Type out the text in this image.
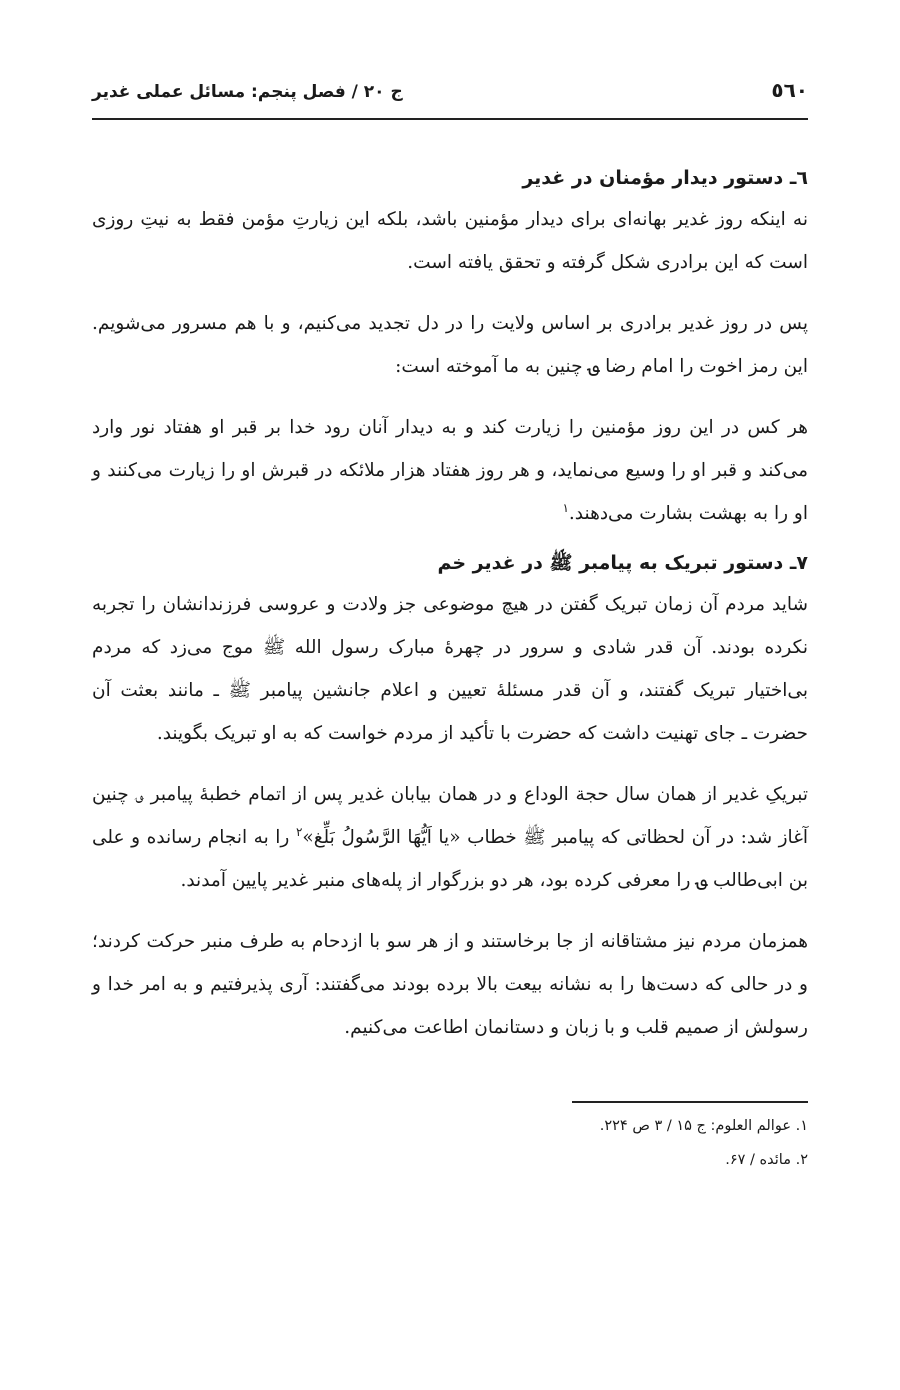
٥٦٠
ج ۲۰ / فصل پنجم: مسائل عملی غدیر
٦ـ دستور دیدار مؤمنان در غدیر

نه اینکه روز غدیر بهانه‌ای برای دیدار مؤمنین باشد، بلکه این زیارتِ مؤمن فقط به نیتِ روزی است که این برادری شکل گرفته و تحقق یافته است.

پس در روز غدیر برادری بر اساس ولایت را در دل تجدید می‌کنیم، و با هم مسرور می‌شویم. این رمز اخوت را امام رضا ؈ چنین به ما آموخته است:

هر کس در این روز مؤمنین را زیارت کند و به دیدار آنان رود خدا بر قبر او هفتاد نور وارد می‌کند و قبر او را وسیع می‌نماید، و هر روز هفتاد هزار ملائکه در قبرش او را زیارت می‌کنند و او را به بهشت بشارت می‌دهند.$^۱$

۷ـ دستور تبریک به پیامبر ﷺ در غدیر خم

شاید مردم آن زمان تبریک گفتن در هیچ موضوعی جز ولادت و عروسی فرزندانشان را تجربه نکرده بودند. آن قدر شادی و سرور در چهرهٔ مبارک رسول الله ﷺ موج می‌زد که مردم بی‌اختیار تبریک گفتند، و آن قدر مسئلهٔ تعیین و اعلام جانشین پیامبر ﷺ ـ مانند بعثت آن حضرت ـ جای تهنیت داشت که حضرت با تأکید از مردم خواست که به او تبریک بگویند.

تبریکِ غدیر از همان سال حجة الوداع و در همان بیابان غدیر پس از اتمام خطبهٔ پیامبر ؈ چنین آغاز شد: در آن لحظاتی که پیامبر ﷺ خطاب «یا اَیُّهَا الرَّسُولُ بَلِّغ»$^۲$ را به انجام رسانده و علی بن ابی‌طالب ؈ را معرفی کرده بود، هر دو بزرگوار از پله‌های منبر غدیر پایین آمدند.

همزمان مردم نیز مشتاقانه از جا برخاستند و از هر سو با ازدحام به طرف منبر حرکت کردند؛ و در حالی که دست‌ها را به نشانه بیعت بالا برده بودند می‌گفتند: آری پذیرفتیم و به امر خدا و رسولش از صمیم قلب و با زبان و دستانمان اطاعت می‌کنیم.

۱. عوالم العلوم: ج ۱۵ / ۳ ص ۲۲۴.
۲. مائده / ۶۷.
